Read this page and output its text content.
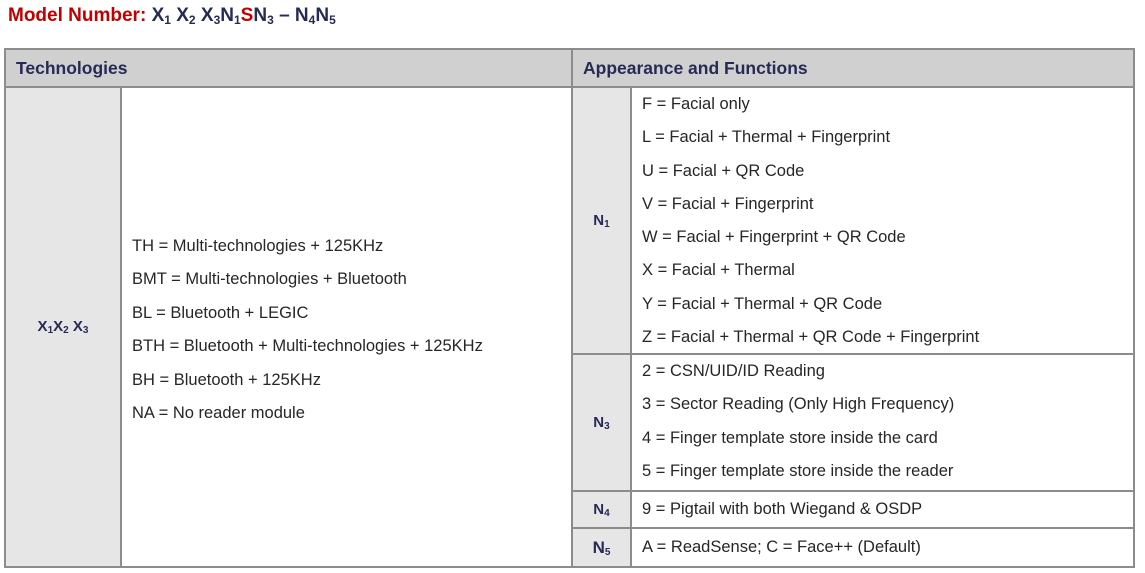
Model Number: $X_1$ $X_2$ $X_3N_1SN_3 - N_4N_5$
Technologies	Appearance and Functions
$X_1X_2$ $X_3$
TH = Multi-technologies + 125KHz
BMT = Multi-technologies + Bluetooth
BL = Bluetooth + LEGIC
BTH = Bluetooth + Multi-technologies + 125KHz
BH = Bluetooth + 125KHz
NA = No reader module
$N_1$
F = Facial only
L = Facial + Thermal + Fingerprint
U = Facial + QR Code
V = Facial + Fingerprint
W = Facial + Fingerprint + QR Code
X = Facial + Thermal
Y = Facial + Thermal + QR Code
Z = Facial + Thermal + QR Code + Fingerprint
$N_3$
2 = CSN/UID/ID Reading
3 = Sector Reading (Only High Frequency)
4 = Finger template store inside the card
5 = Finger template store inside the reader
$N_4$ 9 = Pigtail with both Wiegand & OSDP
$N_5$ A = ReadSense; C = Face++ (Default)
